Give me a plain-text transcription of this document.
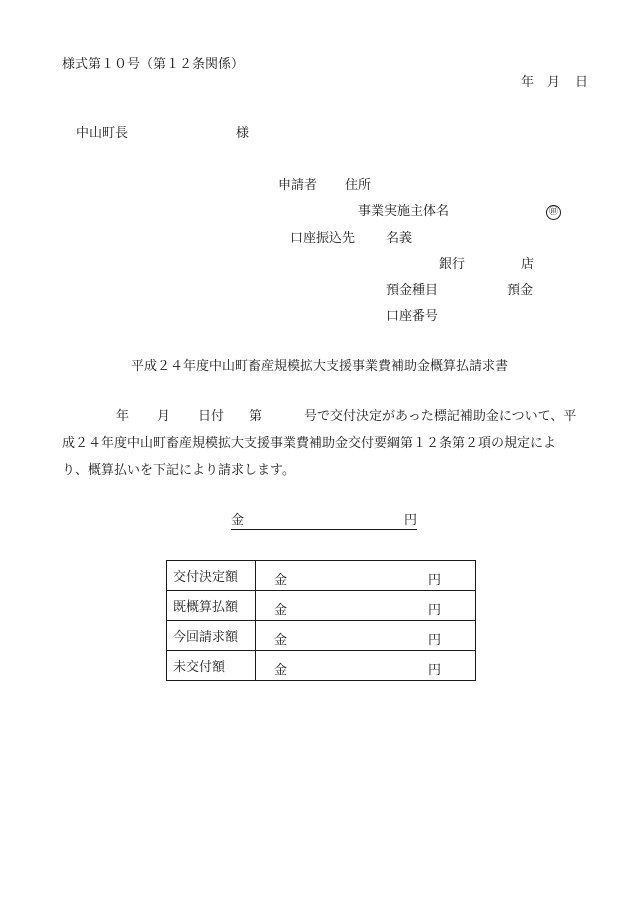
様式第１０号（第１２条関係）
年 月 日
中山町長	様
申請者 住所
事業実施主体名	㊞
口座振込先 名義
銀行	店
預金種目	預金
口座番号
平成２４年度中山町畜産規模拡大支援事業費補助金概算払請求書
年 月 日付 第	号で交付決定があった標記補助金について、平
成２４年度中山町畜産規模拡大支援事業費補助金交付要綱第１２条第２項の規定によ
り、概算払いを下記により請求します。
金	円
交付決定額	金 円

既概算払額	金 円

今回請求額	金 円

未交付額	金 円
